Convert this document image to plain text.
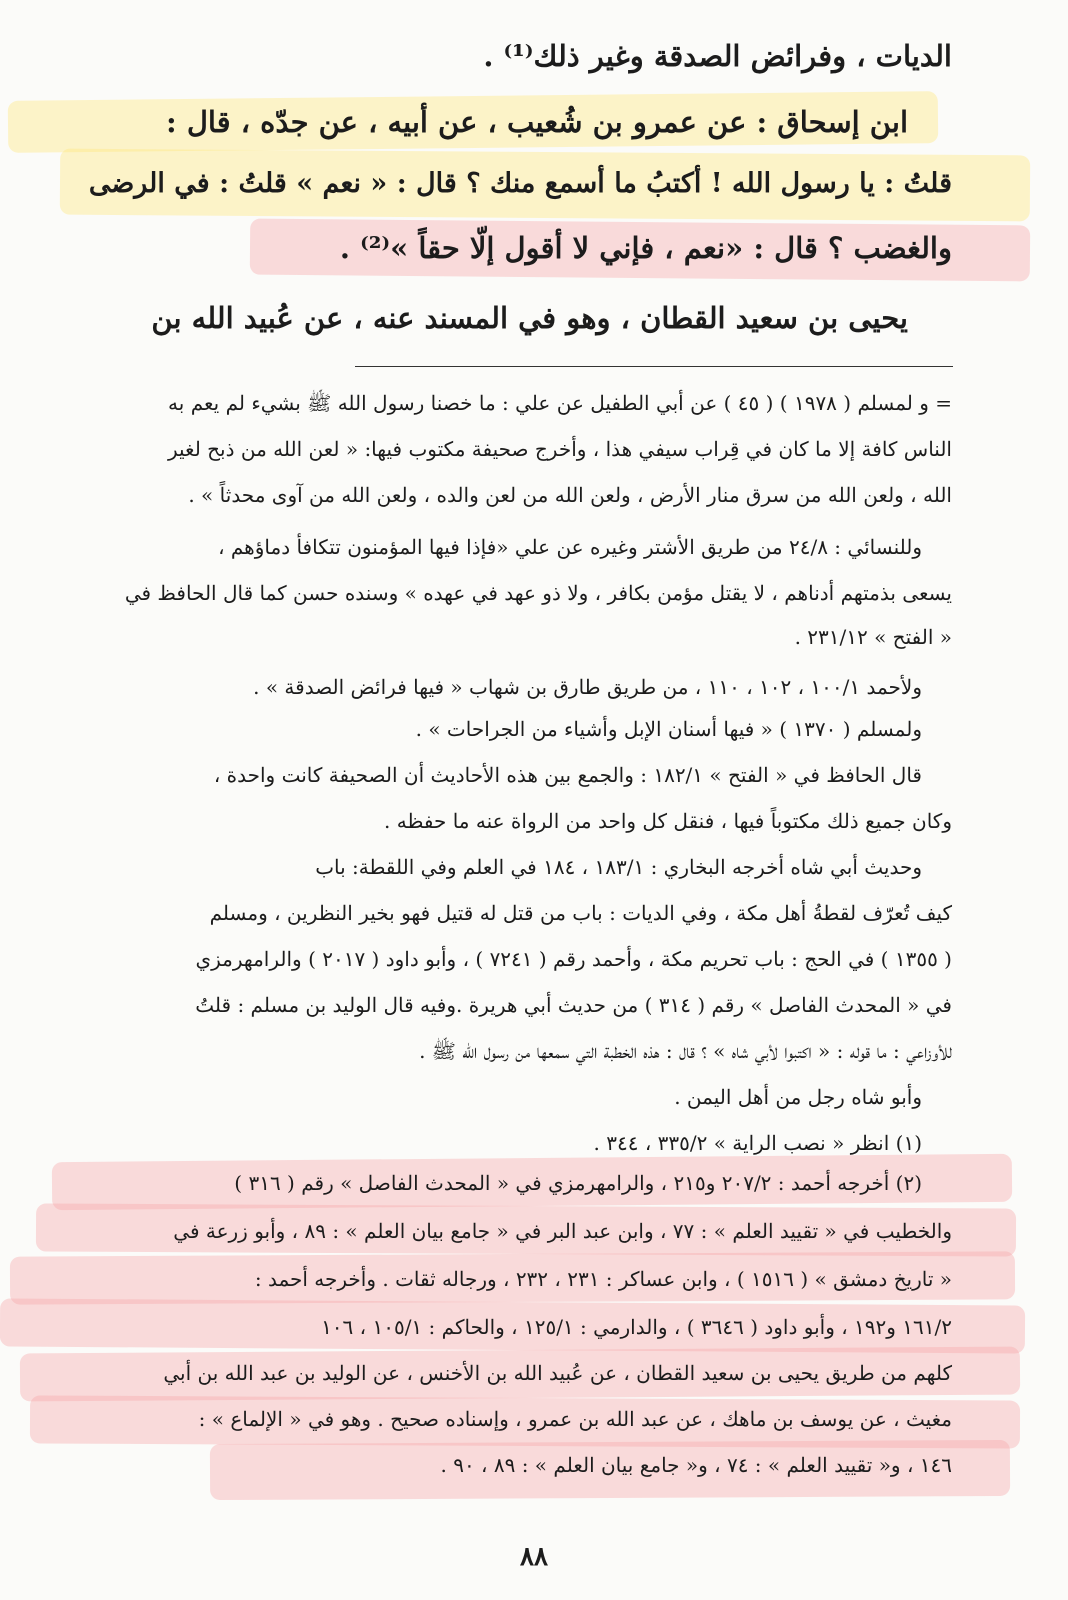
الديات ، وفرائض الصدقة وغير ذلك⁽¹⁾ .
ابن إسحاق : عن عمرو بن شُعيب ، عن أبيه ، عن جدّه ، قال :
قلتُ : يا رسول الله ! أكتبُ ما أسمع منك ؟ قال : « نعم » قلتُ : في الرضى
والغضب ؟ قال : «نعم ، فإني لا أقول إلّا حقاً »⁽²⁾ .
يحيى بن سعيد القطان ، وهو في المسند عنه ، عن عُبيد الله بن
= و لمسلم ( ١٩٧٨ ) ( ٤٥ ) عن أبي الطفيل عن علي : ما خصنا رسول الله ﷺ بشيء لم يعم به
الناس كافة إلا ما كان في قِراب سيفي هذا ، وأخرج صحيفة مكتوب فيها: « لعن الله من ذبح لغير
الله ، ولعن الله من سرق منار الأرض ، ولعن الله من لعن والده ، ولعن الله من آوى محدثاً » .
وللنسائي : ٢٤/٨ من طريق الأشتر وغيره عن علي «فإذا فيها المؤمنون تتكافأ دماؤهم ،
يسعى بذمتهم أدناهم ، لا يقتل مؤمن بكافر ، ولا ذو عهد في عهده » وسنده حسن كما قال الحافظ في
« الفتح » ٢٣١/١٢ .
ولأحمد ١٠٠/١ ، ١٠٢ ، ١١٠ ، من طريق طارق بن شهاب « فيها فرائض الصدقة » .
ولمسلم ( ١٣٧٠ ) « فيها أسنان الإبل وأشياء من الجراحات » .
قال الحافظ في « الفتح » ١٨٢/١ : والجمع بين هذه الأحاديث أن الصحيفة كانت واحدة ،
وكان جميع ذلك مكتوباً فيها ، فنقل كل واحد من الرواة عنه ما حفظه .
وحديث أبي شاه أخرجه البخاري : ١٨٣/١ ، ١٨٤ في العلم وفي اللقطة: باب
كيف تُعرّف لقطةُ أهل مكة ، وفي الديات : باب من قتل له قتيل فهو بخير النظرين ، ومسلم
( ١٣٥٥ ) في الحج : باب تحريم مكة ، وأحمد رقم ( ٧٢٤١ ) ، وأبو داود ( ٢٠١٧ ) والرامهرمزي
في « المحدث الفاصل » رقم ( ٣١٤ ) من حديث أبي هريرة .وفيه قال الوليد بن مسلم : قلتُ
للأوزاعي : ما قوله : « اكتبوا لأبي شاه » ؟ قال : هذه الخطبة التي سمعها من رسول الله ﷺ .
وأبو شاه رجل من أهل اليمن .
(١) انظر « نصب الراية » ٣٣٥/٢ ، ٣٤٤ .
(٢) أخرجه أحمد : ٢٠٧/٢ و٢١٥ ، والرامهرمزي في « المحدث الفاصل » رقم ( ٣١٦ )
والخطيب في « تقييد العلم » : ٧٧ ، وابن عبد البر في « جامع بيان العلم » : ٨٩ ، وأبو زرعة في
« تاريخ دمشق » ( ١٥١٦ ) ، وابن عساكر : ٢٣١ ، ٢٣٢ ، ورجاله ثقات . وأخرجه أحمد :
١٦١/٢ و١٩٢ ، وأبو داود ( ٣٦٤٦ ) ، والدارمي : ١٢٥/١ ، والحاكم : ١٠٥/١ ، ١٠٦
كلهم من طريق يحيى بن سعيد القطان ، عن عُبيد الله بن الأخنس ، عن الوليد بن عبد الله بن أبي
مغيث ، عن يوسف بن ماهك ، عن عبد الله بن عمرو ، وإسناده صحيح . وهو في « الإلماع » :
١٤٦ ، و« تقييد العلم » : ٧٤ ، و« جامع بيان العلم » : ٨٩ ، ٩٠ .
٨٨
